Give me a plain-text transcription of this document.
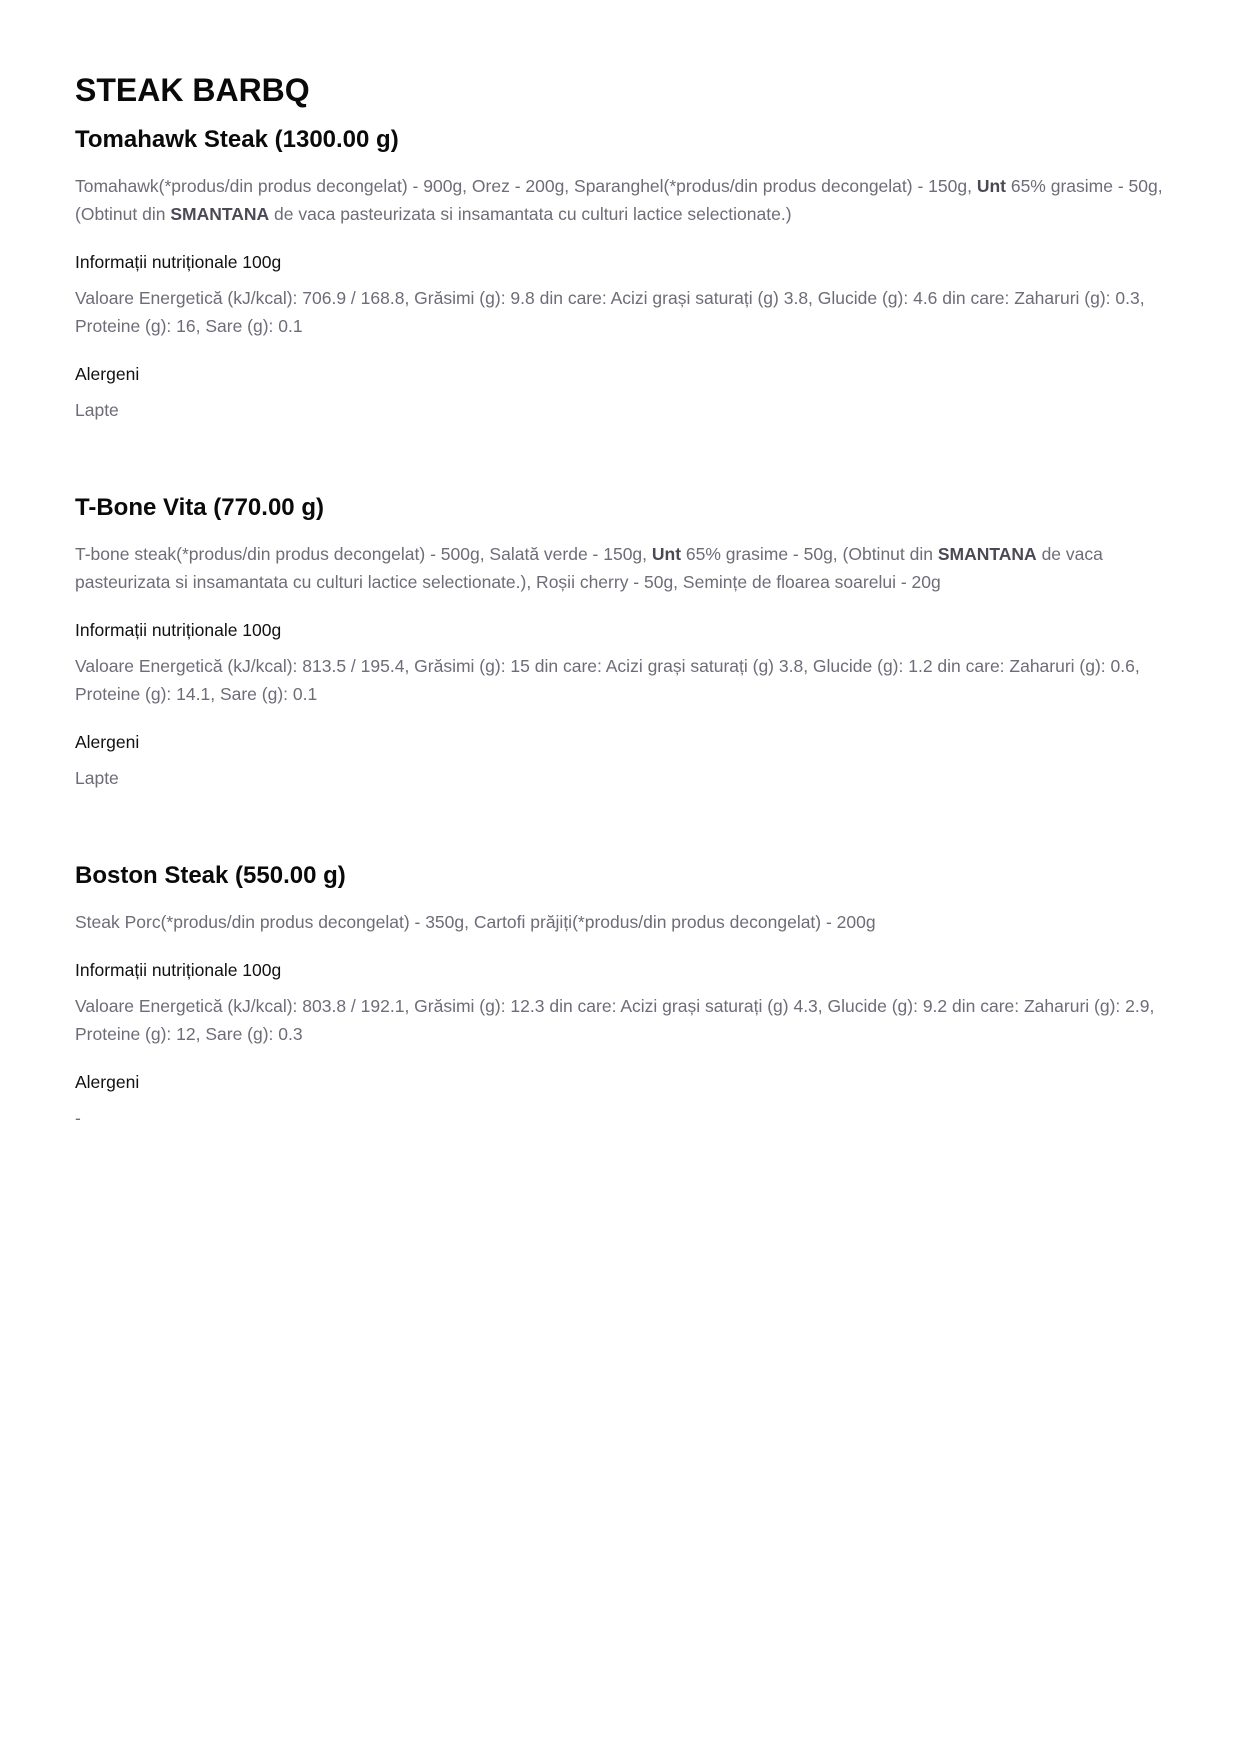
STEAK BARBQ
Tomahawk Steak (1300.00 g)

Tomahawk(*produs/din produs decongelat) - 900g, Orez - 200g, Sparanghel(*produs/din produs decongelat) - 150g, Unt 65% grasime - 50g, (Obtinut din SMANTANA de vaca pasteurizata si insamantata cu culturi lactice selectionate.)

Informații nutriționale 100g

Valoare Energetică (kJ/kcal): 706.9 / 168.8, Grăsimi (g): 9.8 din care: Acizi grași saturați (g) 3.8, Glucide (g): 4.6 din care: Zaharuri (g): 0.3, Proteine (g): 16, Sare (g): 0.1

Alergeni

Lapte

T-Bone Vita (770.00 g)

T-bone steak(*produs/din produs decongelat) - 500g, Salată verde - 150g, Unt 65% grasime - 50g, (Obtinut din SMANTANA de vaca pasteurizata si insamantata cu culturi lactice selectionate.), Roșii cherry - 50g, Semințe de floarea soarelui - 20g

Informații nutriționale 100g

Valoare Energetică (kJ/kcal): 813.5 / 195.4, Grăsimi (g): 15 din care: Acizi grași saturați (g) 3.8, Glucide (g): 1.2 din care: Zaharuri (g): 0.6, Proteine (g): 14.1, Sare (g): 0.1

Alergeni

Lapte

Boston Steak (550.00 g)

Steak Porc(*produs/din produs decongelat) - 350g, Cartofi prăjiți(*produs/din produs decongelat) - 200g

Informații nutriționale 100g

Valoare Energetică (kJ/kcal): 803.8 / 192.1, Grăsimi (g): 12.3 din care: Acizi grași saturați (g) 4.3, Glucide (g): 9.2 din care: Zaharuri (g): 2.9, Proteine (g): 12, Sare (g): 0.3

Alergeni

-
